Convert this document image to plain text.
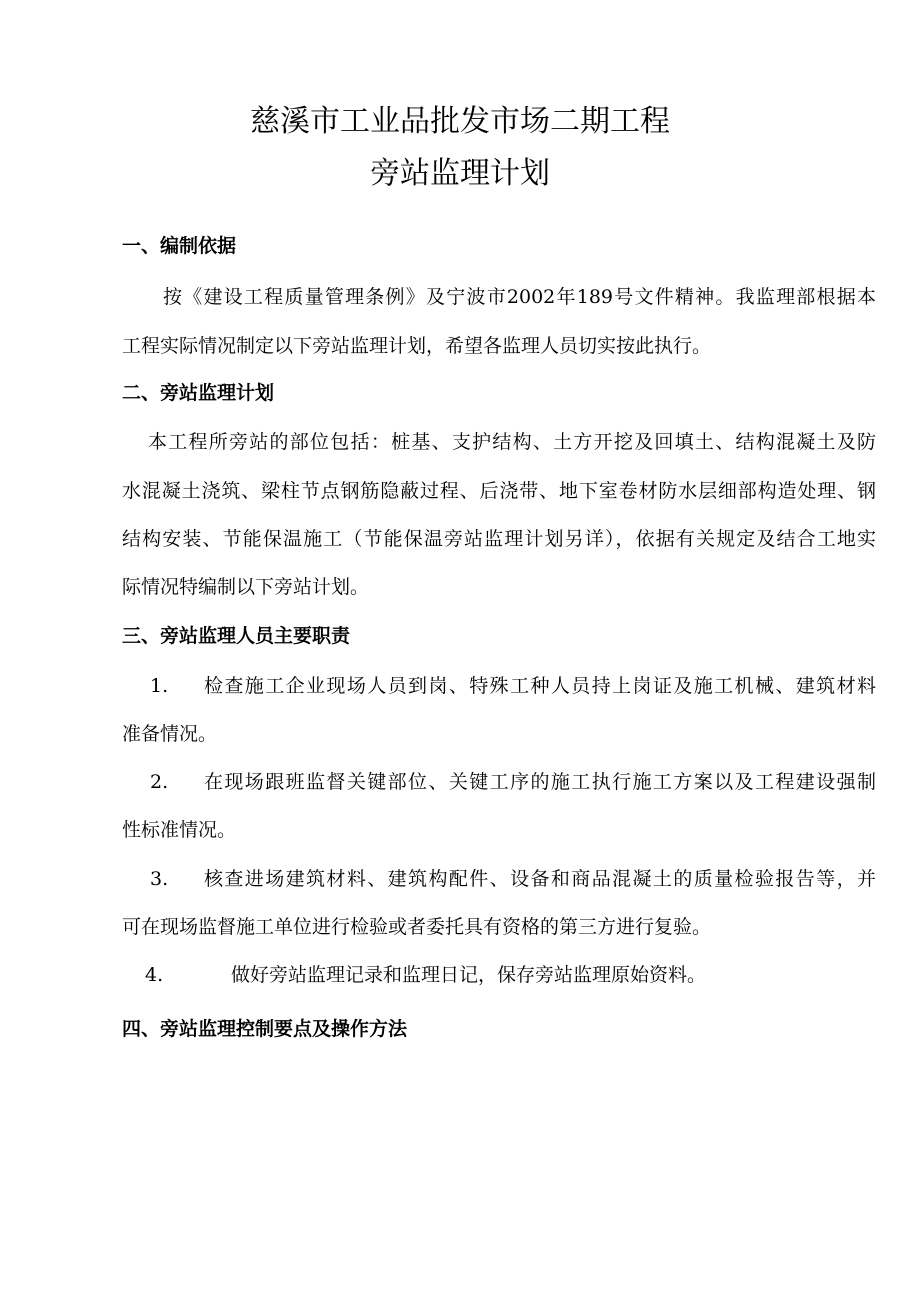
慈溪市工业品批发市场二期工程
旁站监理计划
一、编制依据
按《建设工程质量管理条例》及宁波市2002年189号文件精神。我监理部根据本
工程实际情况制定以下旁站监理计划，希望各监理人员切实按此执行。
二、旁站监理计划
本工程所旁站的部位包括：桩基、支护结构、土方开挖及回填土、结构混凝土及防
水混凝土浇筑、梁柱节点钢筋隐蔽过程、后浇带、地下室卷材防水层细部构造处理、钢
结构安装、节能保温施工（节能保温旁站监理计划另详），依据有关规定及结合工地实
际情况特编制以下旁站计划。
三、旁站监理人员主要职责
1. 检查施工企业现场人员到岗、特殊工种人员持上岗证及施工机械、建筑材料
准备情况。
2. 在现场跟班监督关键部位、关键工序的施工执行施工方案以及工程建设强制
性标准情况。
3. 核查进场建筑材料、建筑构配件、设备和商品混凝土的质量检验报告等，并
可在现场监督施工单位进行检验或者委托具有资格的第三方进行复验。
4.	做好旁站监理记录和监理日记，保存旁站监理原始资料。
四、旁站监理控制要点及操作方法
